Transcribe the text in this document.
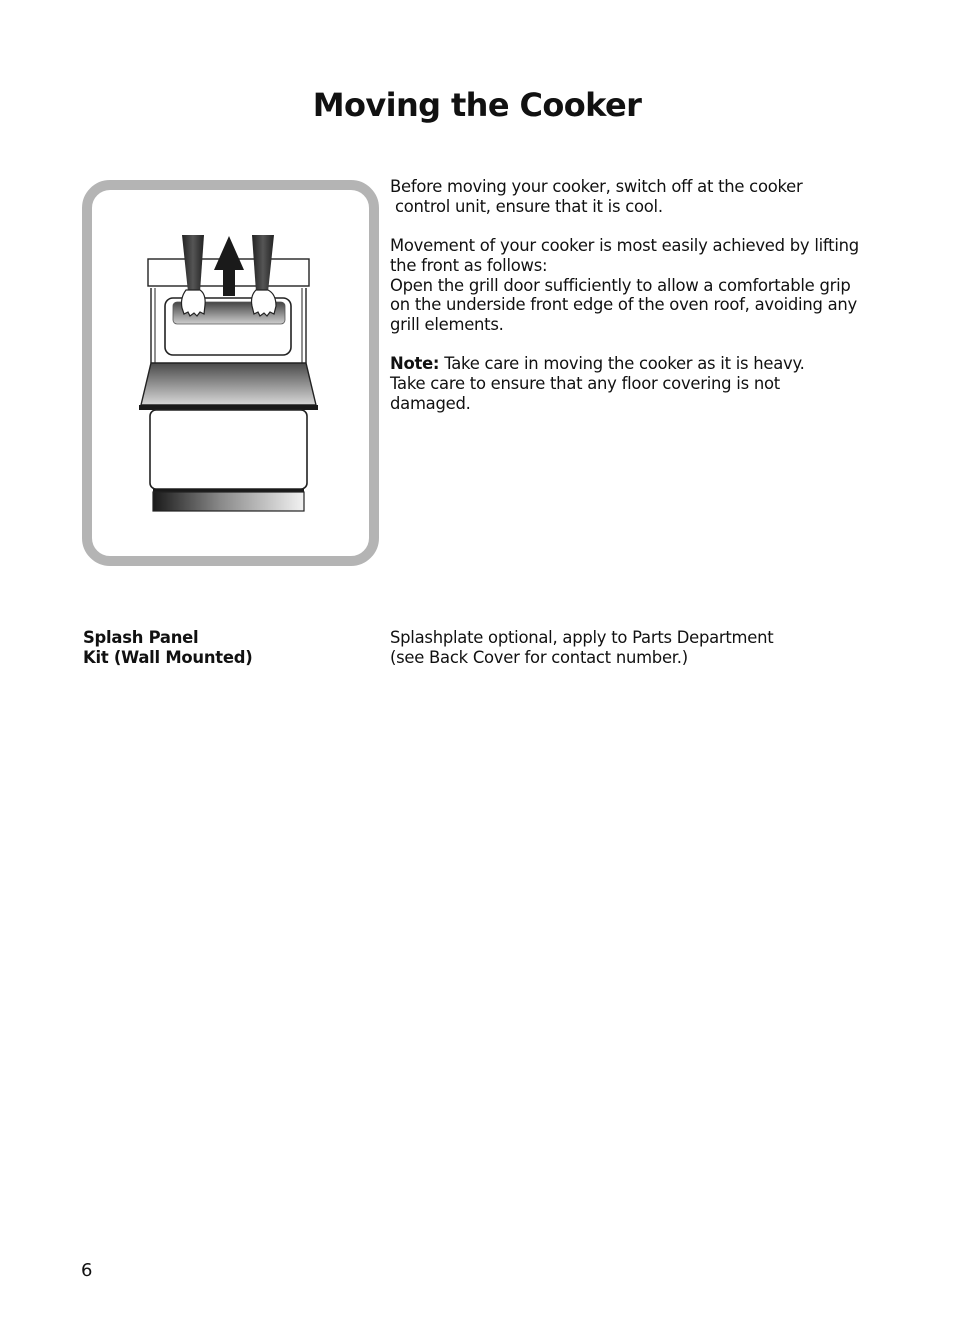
Moving the Cooker

Before moving your cooker, switch off at the cooker
control unit, ensure that it is cool.

Movement of your cooker is most easily achieved by lifting
the front as follows:
Open the grill door sufficiently to allow a comfortable grip
on the underside front edge of the oven roof, avoiding any
grill elements.

Note: Take care in moving the cooker as it is heavy.
Take care to ensure that any floor covering is not
damaged.

Splash Panel
Kit (Wall Mounted)
Splashplate optional, apply to Parts Department
(see Back Cover for contact number.)
6
